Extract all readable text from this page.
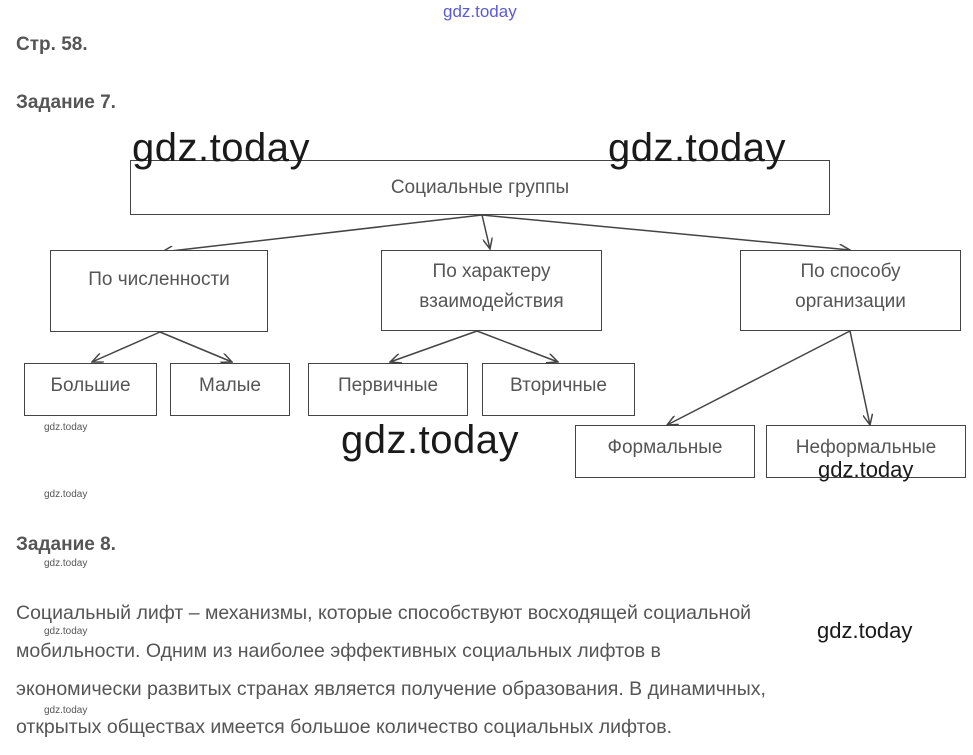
gdz.today
Стр. 58.
Задание 7.
Социальные группы
По численности	По характеру
взаимодействия
По способу
организации
Большие	Малые	Первичные	Вторичные
Формальные	Неформальные
gdz.today	gdz.today
gdz.today
gdz.today
gdz.today
gdz.today
gdz.today
Задание 8.
gdz.today
Социальный лифт – механизмы, которые способствуют восходящей социальной
мобильности. Одним из наиболее эффективных социальных лифтов в
экономически развитых странах является получение образования. В динамичных,
открытых обществах имеется большое количество социальных лифтов.
gdz.today
gdz.today
